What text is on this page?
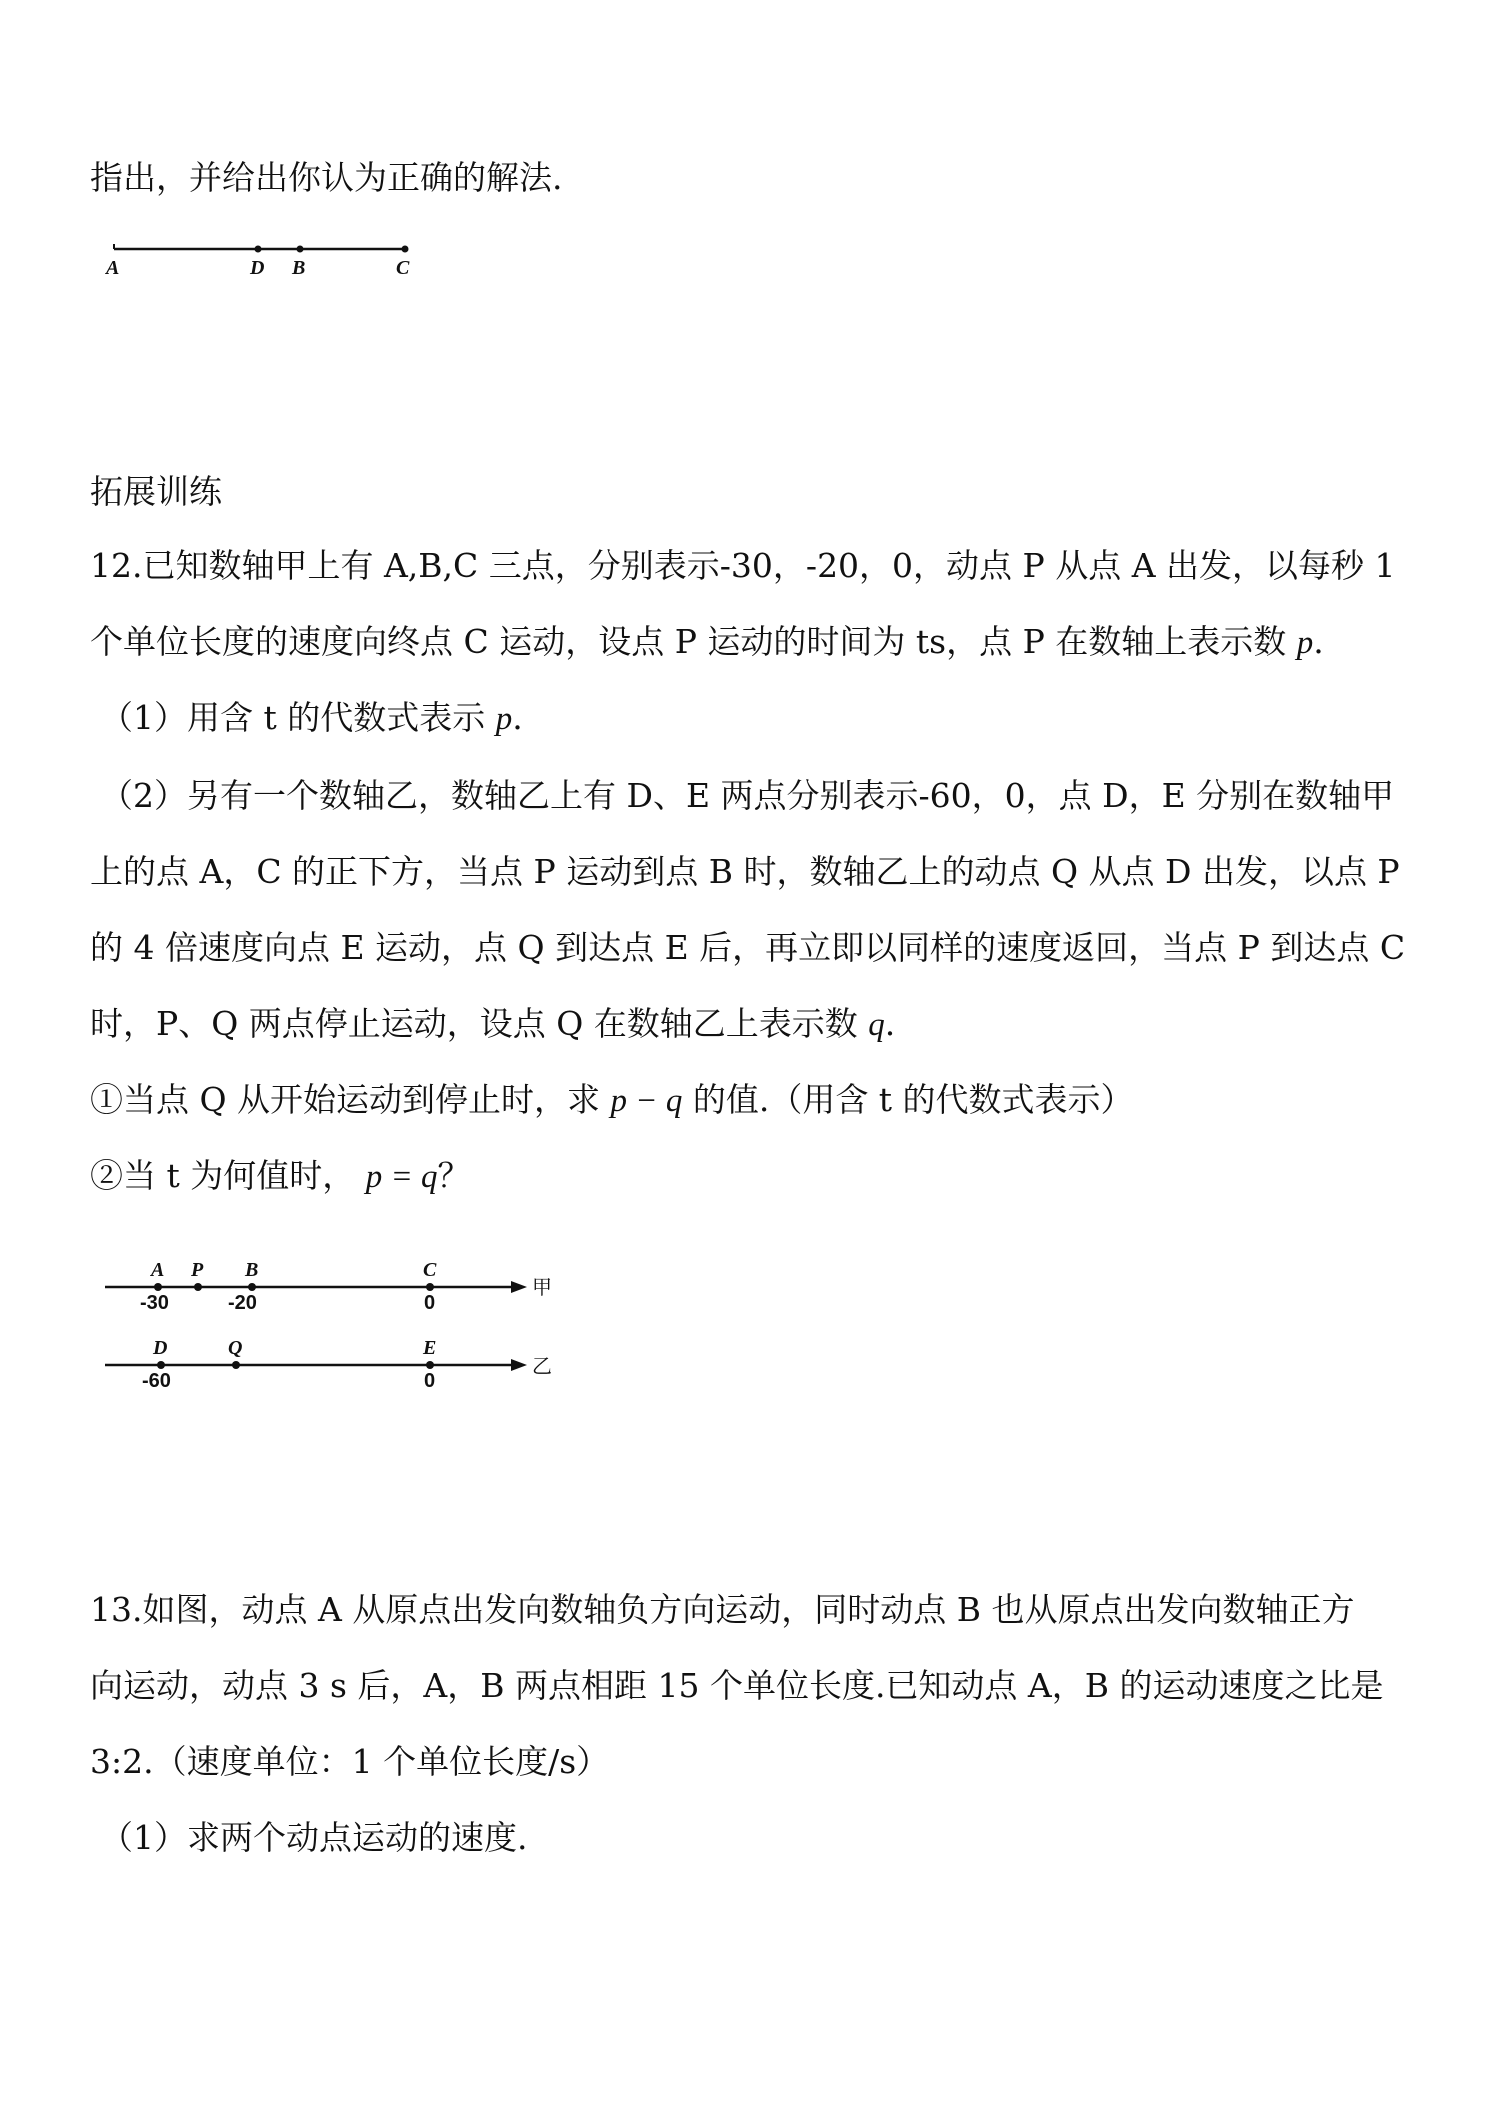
指出，并给出你认为正确的解法.
A	D B	C
拓展训练
12.已知数轴甲上有 A,B,C 三点，分别表示-30，-20，0，动点 P 从点 A 出发，以每秒 1
个单位长度的速度向终点 C 运动，设点 P 运动的时间为 ts，点 P 在数轴上表示数 p.
（1）用含 t 的代数式表示 p.
（2）另有一个数轴乙，数轴乙上有 D、E 两点分别表示-60，0，点 D，E 分别在数轴甲
上的点 A，C 的正下方，当点 P 运动到点 B 时，数轴乙上的动点 Q 从点 D 出发，以点 P
的 4 倍速度向点 E 运动，点 Q 到达点 E 后，再立即以同样的速度返回，当点 P 到达点 C
时，P、Q 两点停止运动，设点 Q 在数轴乙上表示数 q.
①当点 Q 从开始运动到停止时，求 p − q 的值.（用含 t 的代数式表示）
②当 t 为何值时， p = q？
A P B	C
-30	-20	0
甲
D	Q	E
-60	0
乙
13.如图，动点 A 从原点出发向数轴负方向运动，同时动点 B 也从原点出发向数轴正方
向运动，动点 3 s 后，A，B 两点相距 15 个单位长度.已知动点 A，B 的运动速度之比是
3:2.（速度单位：1 个单位长度/s）
（1）求两个动点运动的速度.
